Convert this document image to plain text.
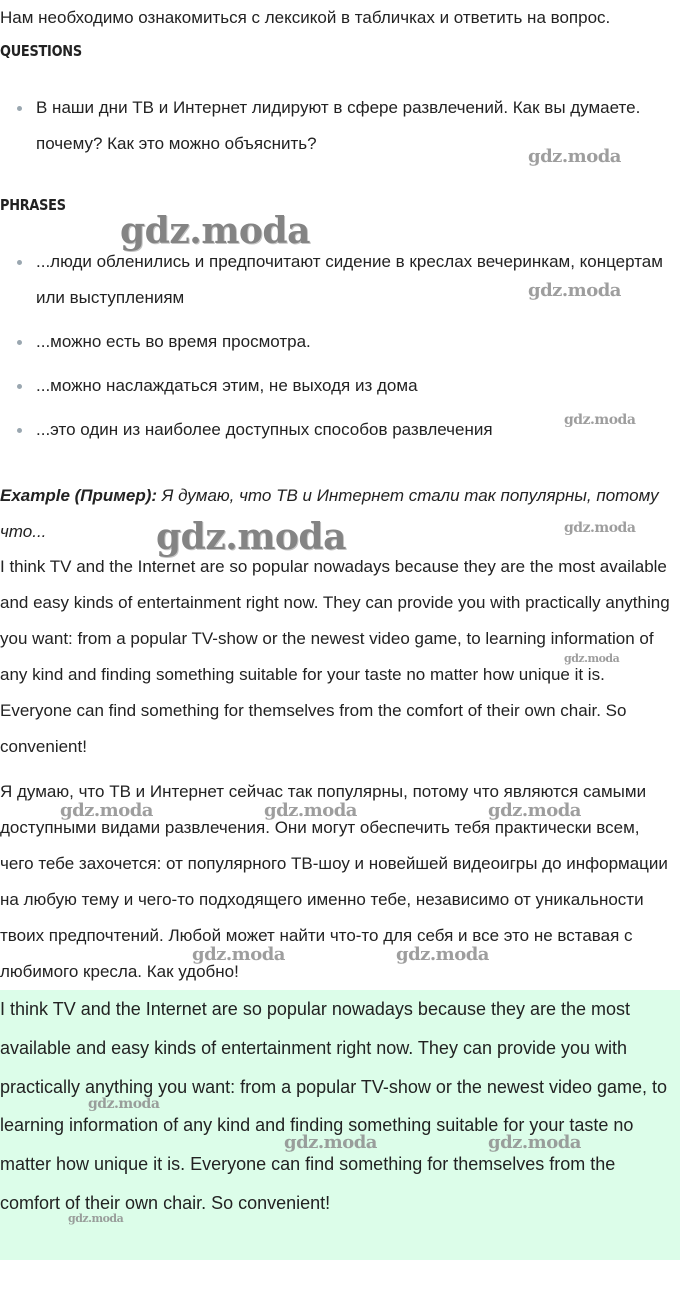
Нам необходимо ознакомиться с лексикой в табличках и ответить на вопрос.
QUESTIONS
В наши дни ТВ и Интернет лидируют в сфере развлечений. Как вы думаете. почему? Как это можно объяснить?
PHRASES
...люди обленились и предпочитают сидение в креслах вечеринкам, концертам или выступлениям
...можно есть во время просмотра.
...можно наслаждаться этим, не выходя из дома
...это один из наиболее доступных способов развлечения
Example (Пример): Я думаю, что ТВ и Интернет стали так популярны, потому что...

I think TV and the Internet are so popular nowadays because they are the most available and easy kinds of entertainment right now. They can provide you with practically anything you want: from a popular TV-show or the newest video game, to learning information of any kind and finding something suitable for your taste no matter how unique it is. Everyone can find something for themselves from the comfort of their own chair. So convenient!

Я думаю, что ТВ и Интернет сейчас так популярны, потому что являются самыми доступными видами развлечения. Они могут обеспечить тебя практически всем, чего тебе захочется: от популярного ТВ-шоу и новейшей видеоигры до информации на любую тему и чего-то подходящего именно тебе, независимо от уникальности твоих предпочтений. Любой может найти что-то для себя и все это не вставая с любимого кресла. Как удобно!

I think TV and the Internet are so popular nowadays because they are the most available and easy kinds of entertainment right now. They can provide you with practically anything you want: from a popular TV-show or the newest video game, to learning information of any kind and finding something suitable for your taste no matter how unique it is. Everyone can find something for themselves from the comfort of their own chair. So convenient!

gdz.moda
gdz.moda
gdz.moda
gdz.moda
gdz.moda	gdz.moda
gdz.moda
gdz.moda	gdz.moda	gdz.moda
gdz.moda	gdz.moda
gdz.moda
gdz.moda	gdz.moda
gdz.moda
